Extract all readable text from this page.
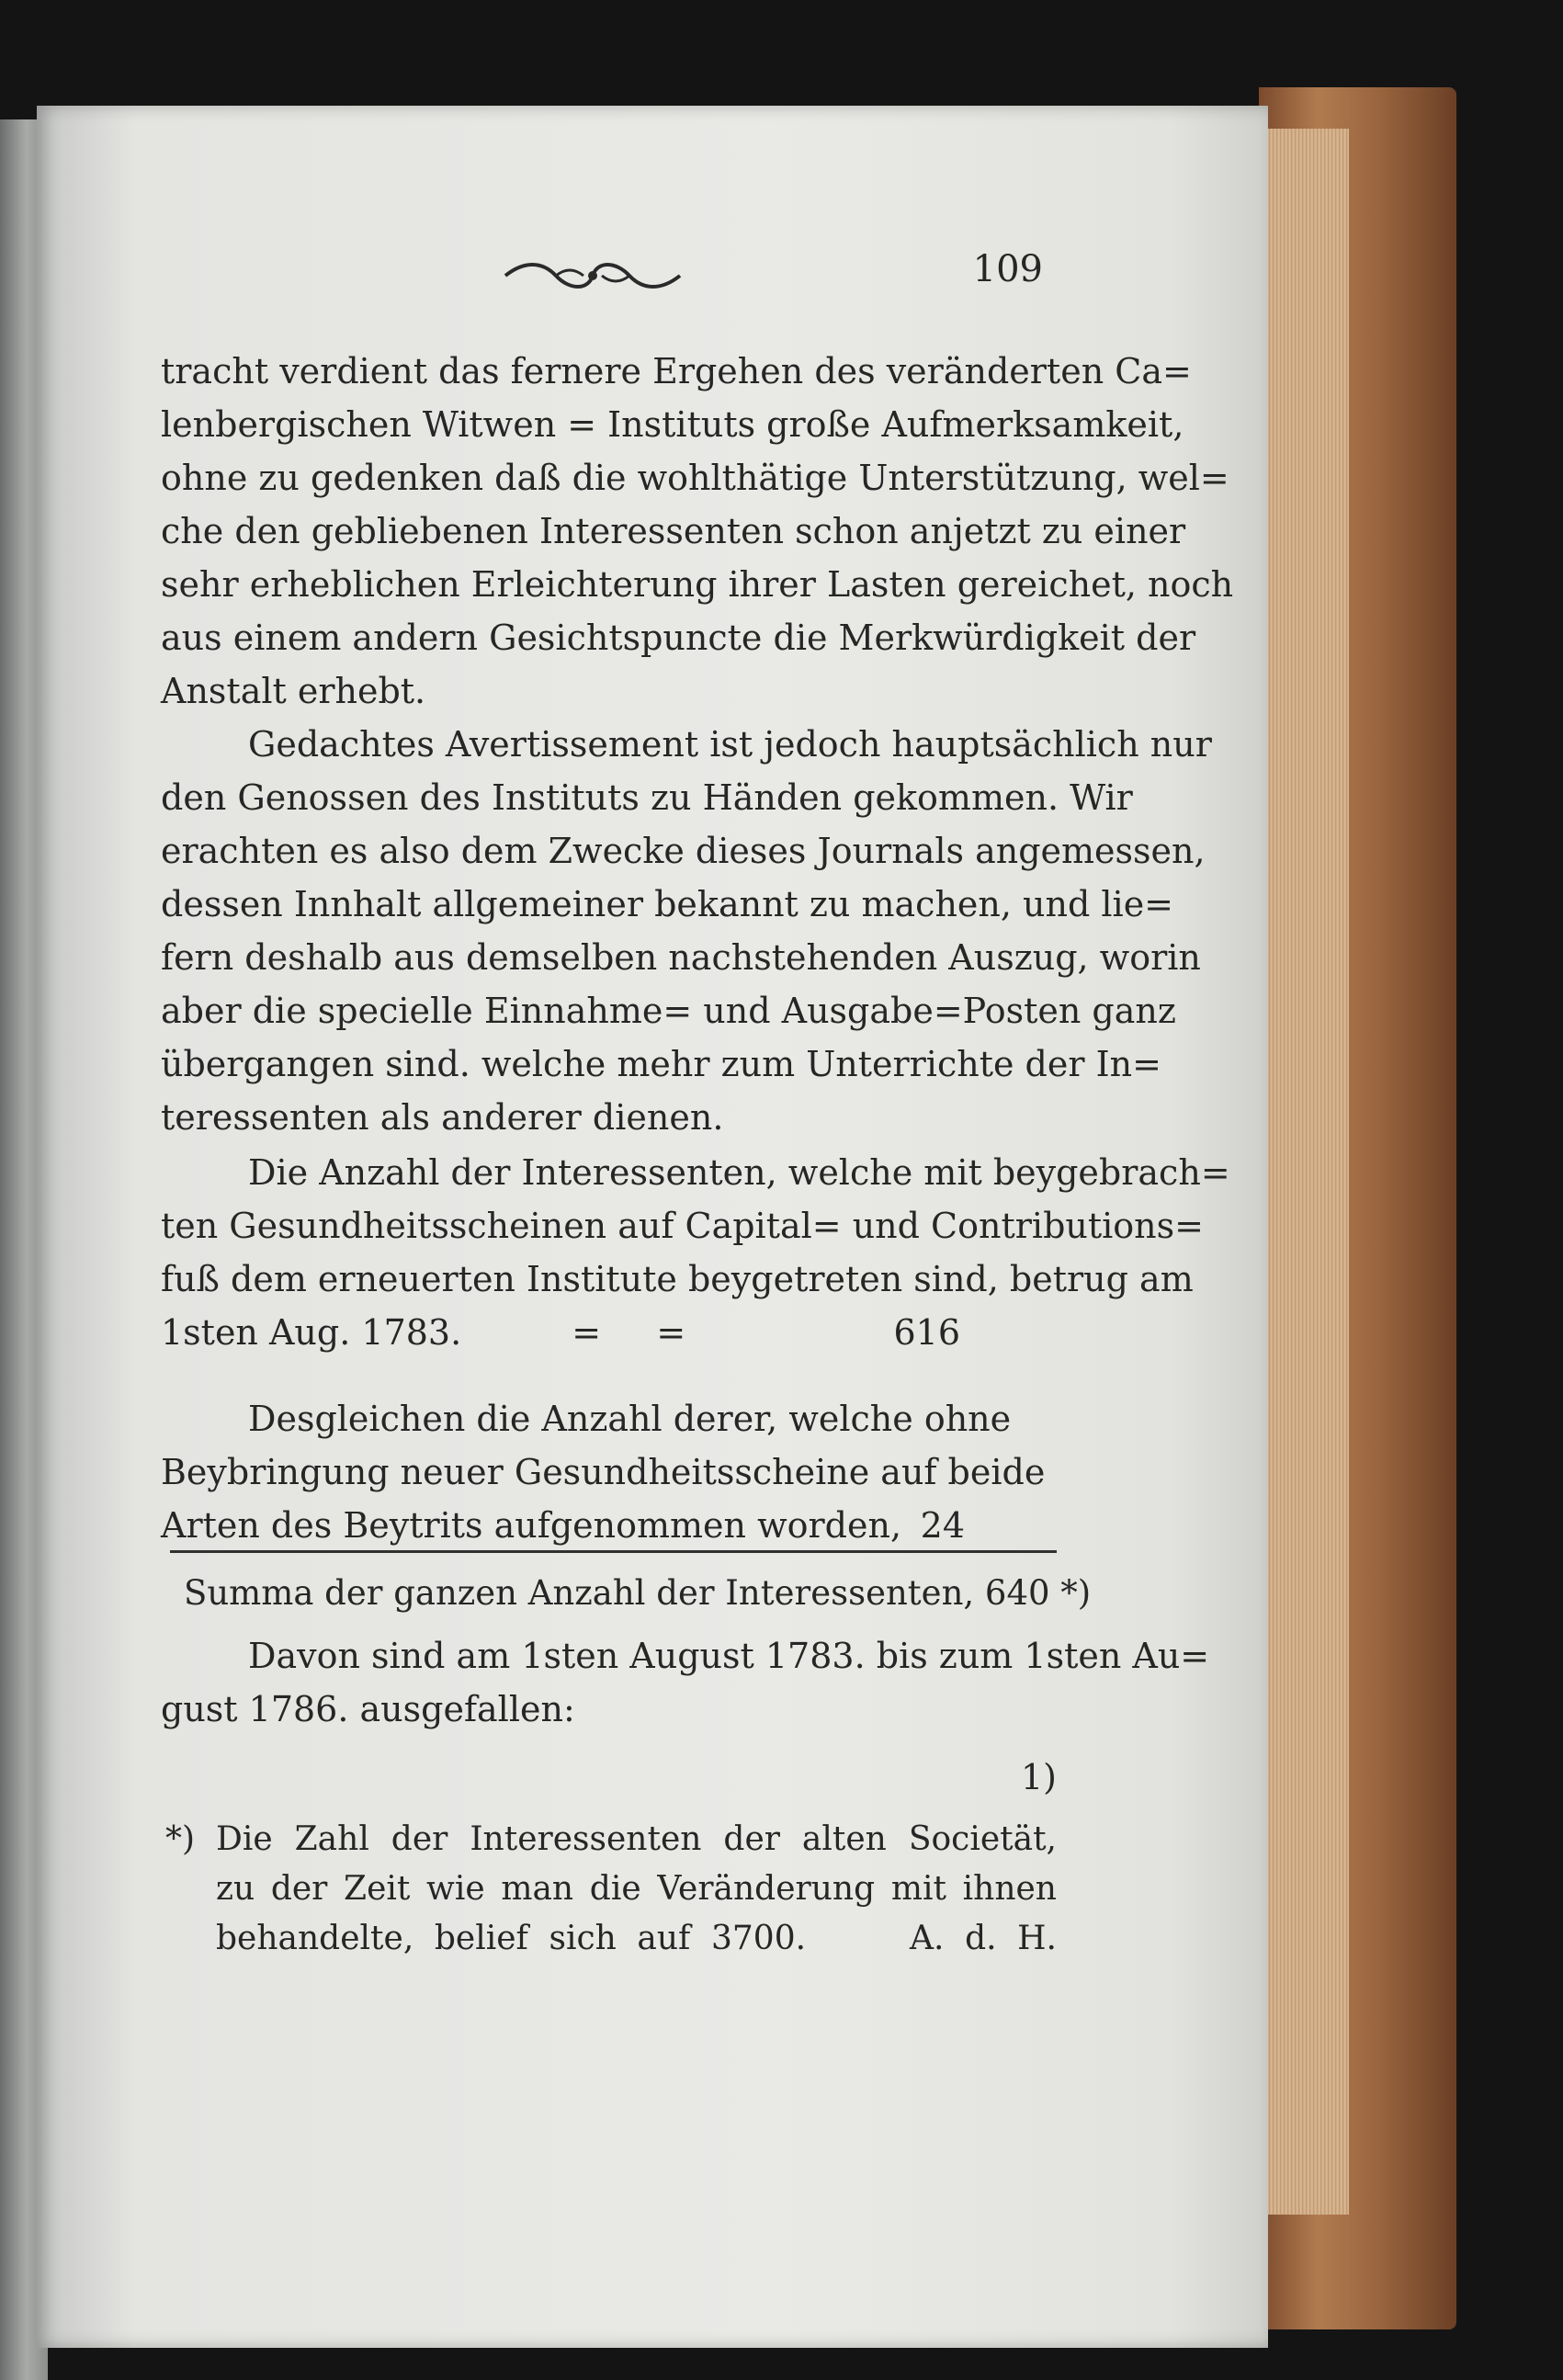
109
tracht verdient das fernere Ergehen des veränderten Ca=
lenbergischen Witwen = Instituts große Aufmerksamkeit,
ohne zu gedenken daß die wohlthätige Unterstützung, wel=
che den gebliebenen Interessenten schon anjetzt zu einer
sehr erheblichen Erleichterung ihrer Lasten gereichet, noch
aus einem andern Gesichtspuncte die Merkwürdigkeit der
Anstalt erhebt.
Gedachtes Avertissement ist jedoch hauptsächlich nur
den Genossen des Instituts zu Händen gekommen. Wir
erachten es also dem Zwecke dieses Journals angemessen,
dessen Innhalt allgemeiner bekannt zu machen, und lie=
fern deshalb aus demselben nachstehenden Auszug, worin
aber die specielle Einnahme= und Ausgabe=Posten ganz
übergangen sind. welche mehr zum Unterrichte der In=
teressenten als anderer dienen.
Die Anzahl der Interessenten, welche mit beygebrach=
ten Gesundheitsscheinen auf Capital= und Contributions=
fuß dem erneuerten Institute beygetreten sind, betrug am
1sten Aug. 1783.	=     =	616
Desgleichen die Anzahl derer, welche ohne
Beybringung neuer Gesundheitsscheine auf beide
Arten des Beytrits aufgenommen worden, 24
Summa der ganzen Anzahl der Interessenten, 640 *)
Davon sind am 1sten August 1783. bis zum 1sten Au=
gust 1786. ausgefallen:
1)
*) Die Zahl der Interessenten der alten Societät,
zu der Zeit wie man die Veränderung mit ihnen
behandelte, belief sich auf 3700.     A. d. H.
